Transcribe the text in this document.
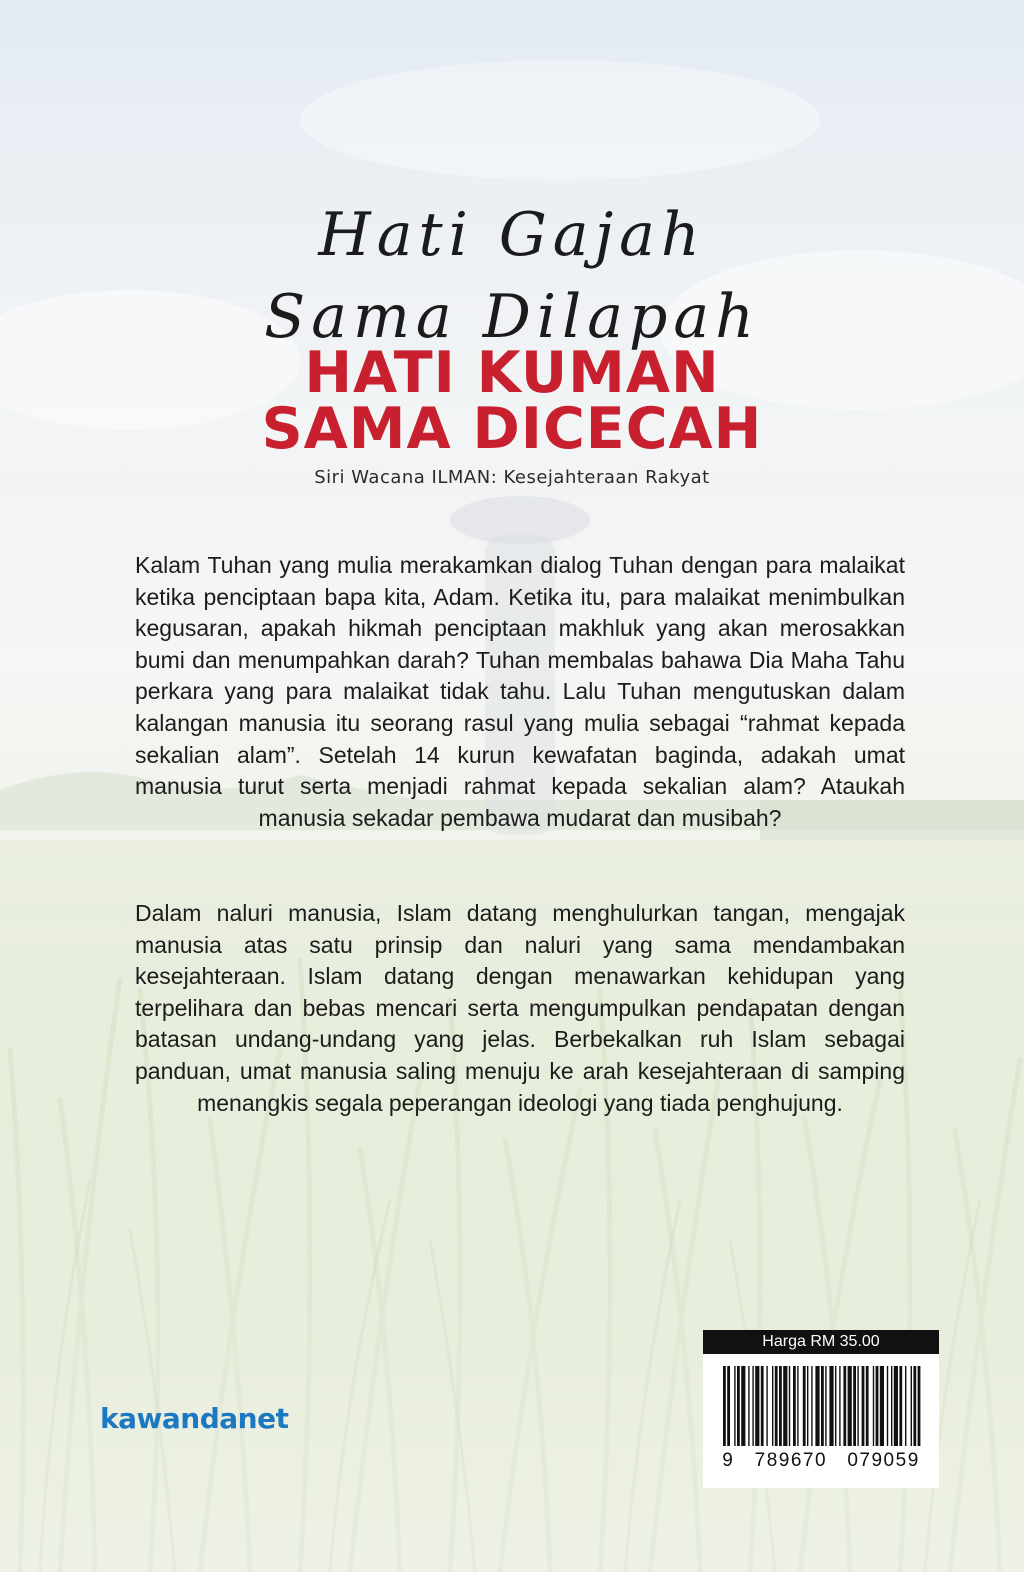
Hati Gajah
Sama Dilapah
HATI KUMAN
SAMA DICECAH
Siri Wacana ILMAN: Kesejahteraan Rakyat

Kalam Tuhan yang mulia merakamkan dialog Tuhan dengan para malaikat ketika penciptaan bapa kita, Adam. Ketika itu, para malaikat menimbulkan kegusaran, apakah hikmah penciptaan makhluk yang akan merosakkan bumi dan menumpahkan darah? Tuhan membalas bahawa Dia Maha Tahu perkara yang para malaikat tidak tahu. Lalu Tuhan mengutuskan dalam kalangan manusia itu seorang rasul yang mulia sebagai “rahmat kepada sekalian alam”. Setelah 14 kurun kewafatan baginda, adakah umat manusia turut serta menjadi rahmat kepada sekalian alam? Ataukah manusia sekadar pembawa mudarat dan musibah?

Dalam naluri manusia, Islam datang menghulurkan tangan, mengajak manusia atas satu prinsip dan naluri yang sama mendambakan kesejahteraan. Islam datang dengan menawarkan kehidupan yang terpelihara dan bebas mencari serta mengumpulkan pendapatan dengan batasan undang-undang yang jelas. Berbekalkan ruh Islam sebagai panduan, umat manusia saling menuju ke arah kesejahteraan di samping menangkis segala peperangan ideologi yang tiada penghujung.

kawandanet
Harga RM 35.00
9   789670   079059
